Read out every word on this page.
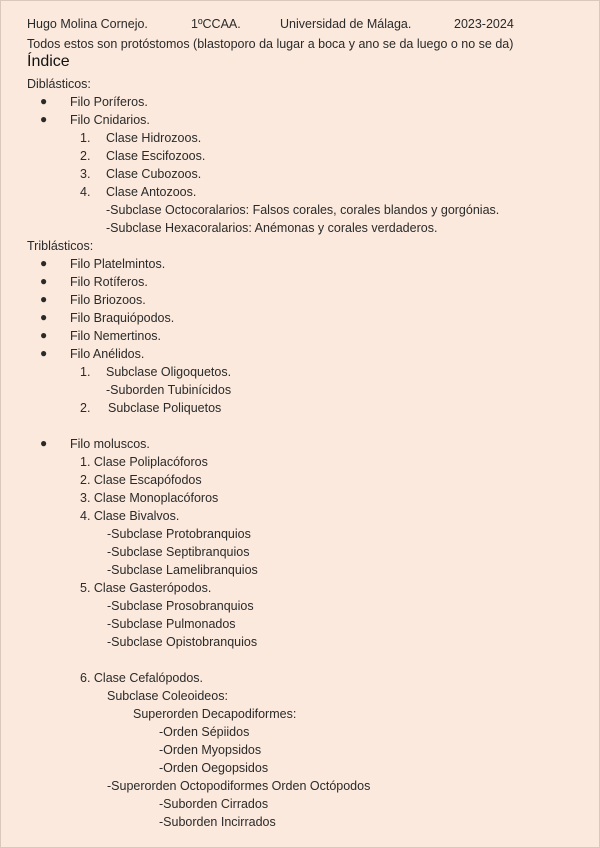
Hugo Molina Cornejo.	1ºCCAA.	Universidad de Málaga.	2023-2024
Todos estos son protóstomos (blastoporo da lugar a boca y ano se da luego o no se da)
Índice
Diblásticos:
● Filo Poríferos.
● Filo Cnidarios.
1. Clase Hidrozoos.
2. Clase Escifozoos.
3. Clase Cubozoos.
4. Clase Antozoos.
-Subclase Octocoralarios: Falsos corales, corales blandos y gorgónias.
-Subclase Hexacoralarios: Anémonas y corales verdaderos.
Triblásticos:
● Filo Platelmintos.
● Filo Rotíferos.
● Filo Briozoos.
● Filo Braquiópodos.
● Filo Nemertinos.
● Filo Anélidos.
1. Subclase Oligoquetos.
-Suborden Tubinícidos
2. Subclase Poliquetos
● Filo moluscos.
1. Clase Poliplacóforos
2. Clase Escapófodos
3. Clase Monoplacóforos
4. Clase Bivalvos.
-Subclase Protobranquios
-Subclase Septibranquios
-Subclase Lamelibranquios
5. Clase Gasterópodos.
-Subclase Prosobranquios
-Subclase Pulmonados
-Subclase Opistobranquios
6. Clase Cefalópodos.
Subclase Coleoideos:
Superorden Decapodiformes:
-Orden Sépiidos
-Orden Myopsidos
-Orden Oegopsidos
-Superorden Octopodiformes Orden Octópodos
-Suborden Cirrados
-Suborden Incirrados
